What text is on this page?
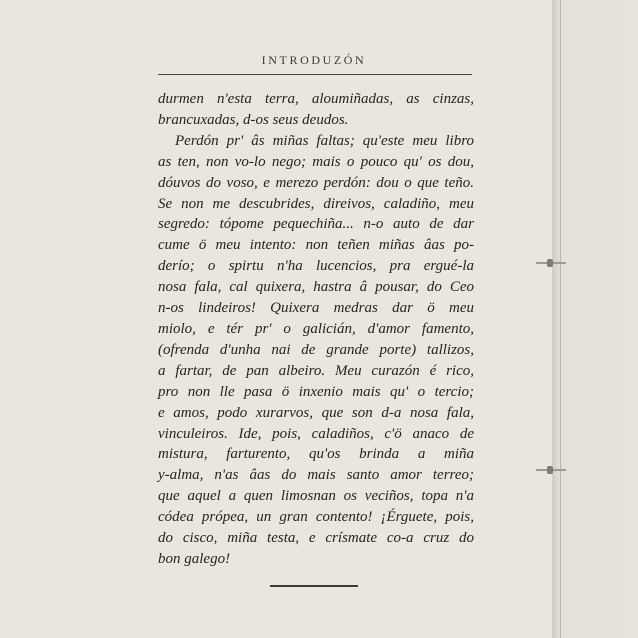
INTRODUZÓN

durmen n'esta terra, aloumiñadas, as cinzas,
brancuxadas, d-os seus deudos.
Perdón pr' âs miñas faltas; qu'este meu libro
as ten, non vo-lo nego; mais o pouco qu' os dou,
dóuvos do voso, e merezo perdón: dou o que teño.
Se non me descubrides, direivos, caladiño, meu
segredo: tópome pequechiña... n-o auto de dar
cume ö meu intento: non teñen miñas âas po-
derío; o spirtu n'ha lucencios, pra ergué-la
nosa fala, cal quixera, hastra â pousar, do Ceo
n-os lindeiros! Quixera medras dar ö meu
miolo, e tér pr' o galicián, d'amor famento,
(ofrenda d'unha nai de grande porte) tallizos,
a fartar, de pan albeiro. Meu curazón é rico,
pro non lle pasa ö inxenio mais qu' o tercio;
e amos, podo xurarvos, que son d-a nosa fala,
vinculeiros. Ide, pois, caladiños, c'ö anaco de
mistura, farturento, qu'os brinda a miña
y-alma, n'as âas do mais santo amor terreo;
que aquel a quen limosnan os veciños, topa n'a
códea própea, un gran contento! ¡Érguete, pois,
do cisco, miña testa, e crísmate co-a cruz do
bon galego!
